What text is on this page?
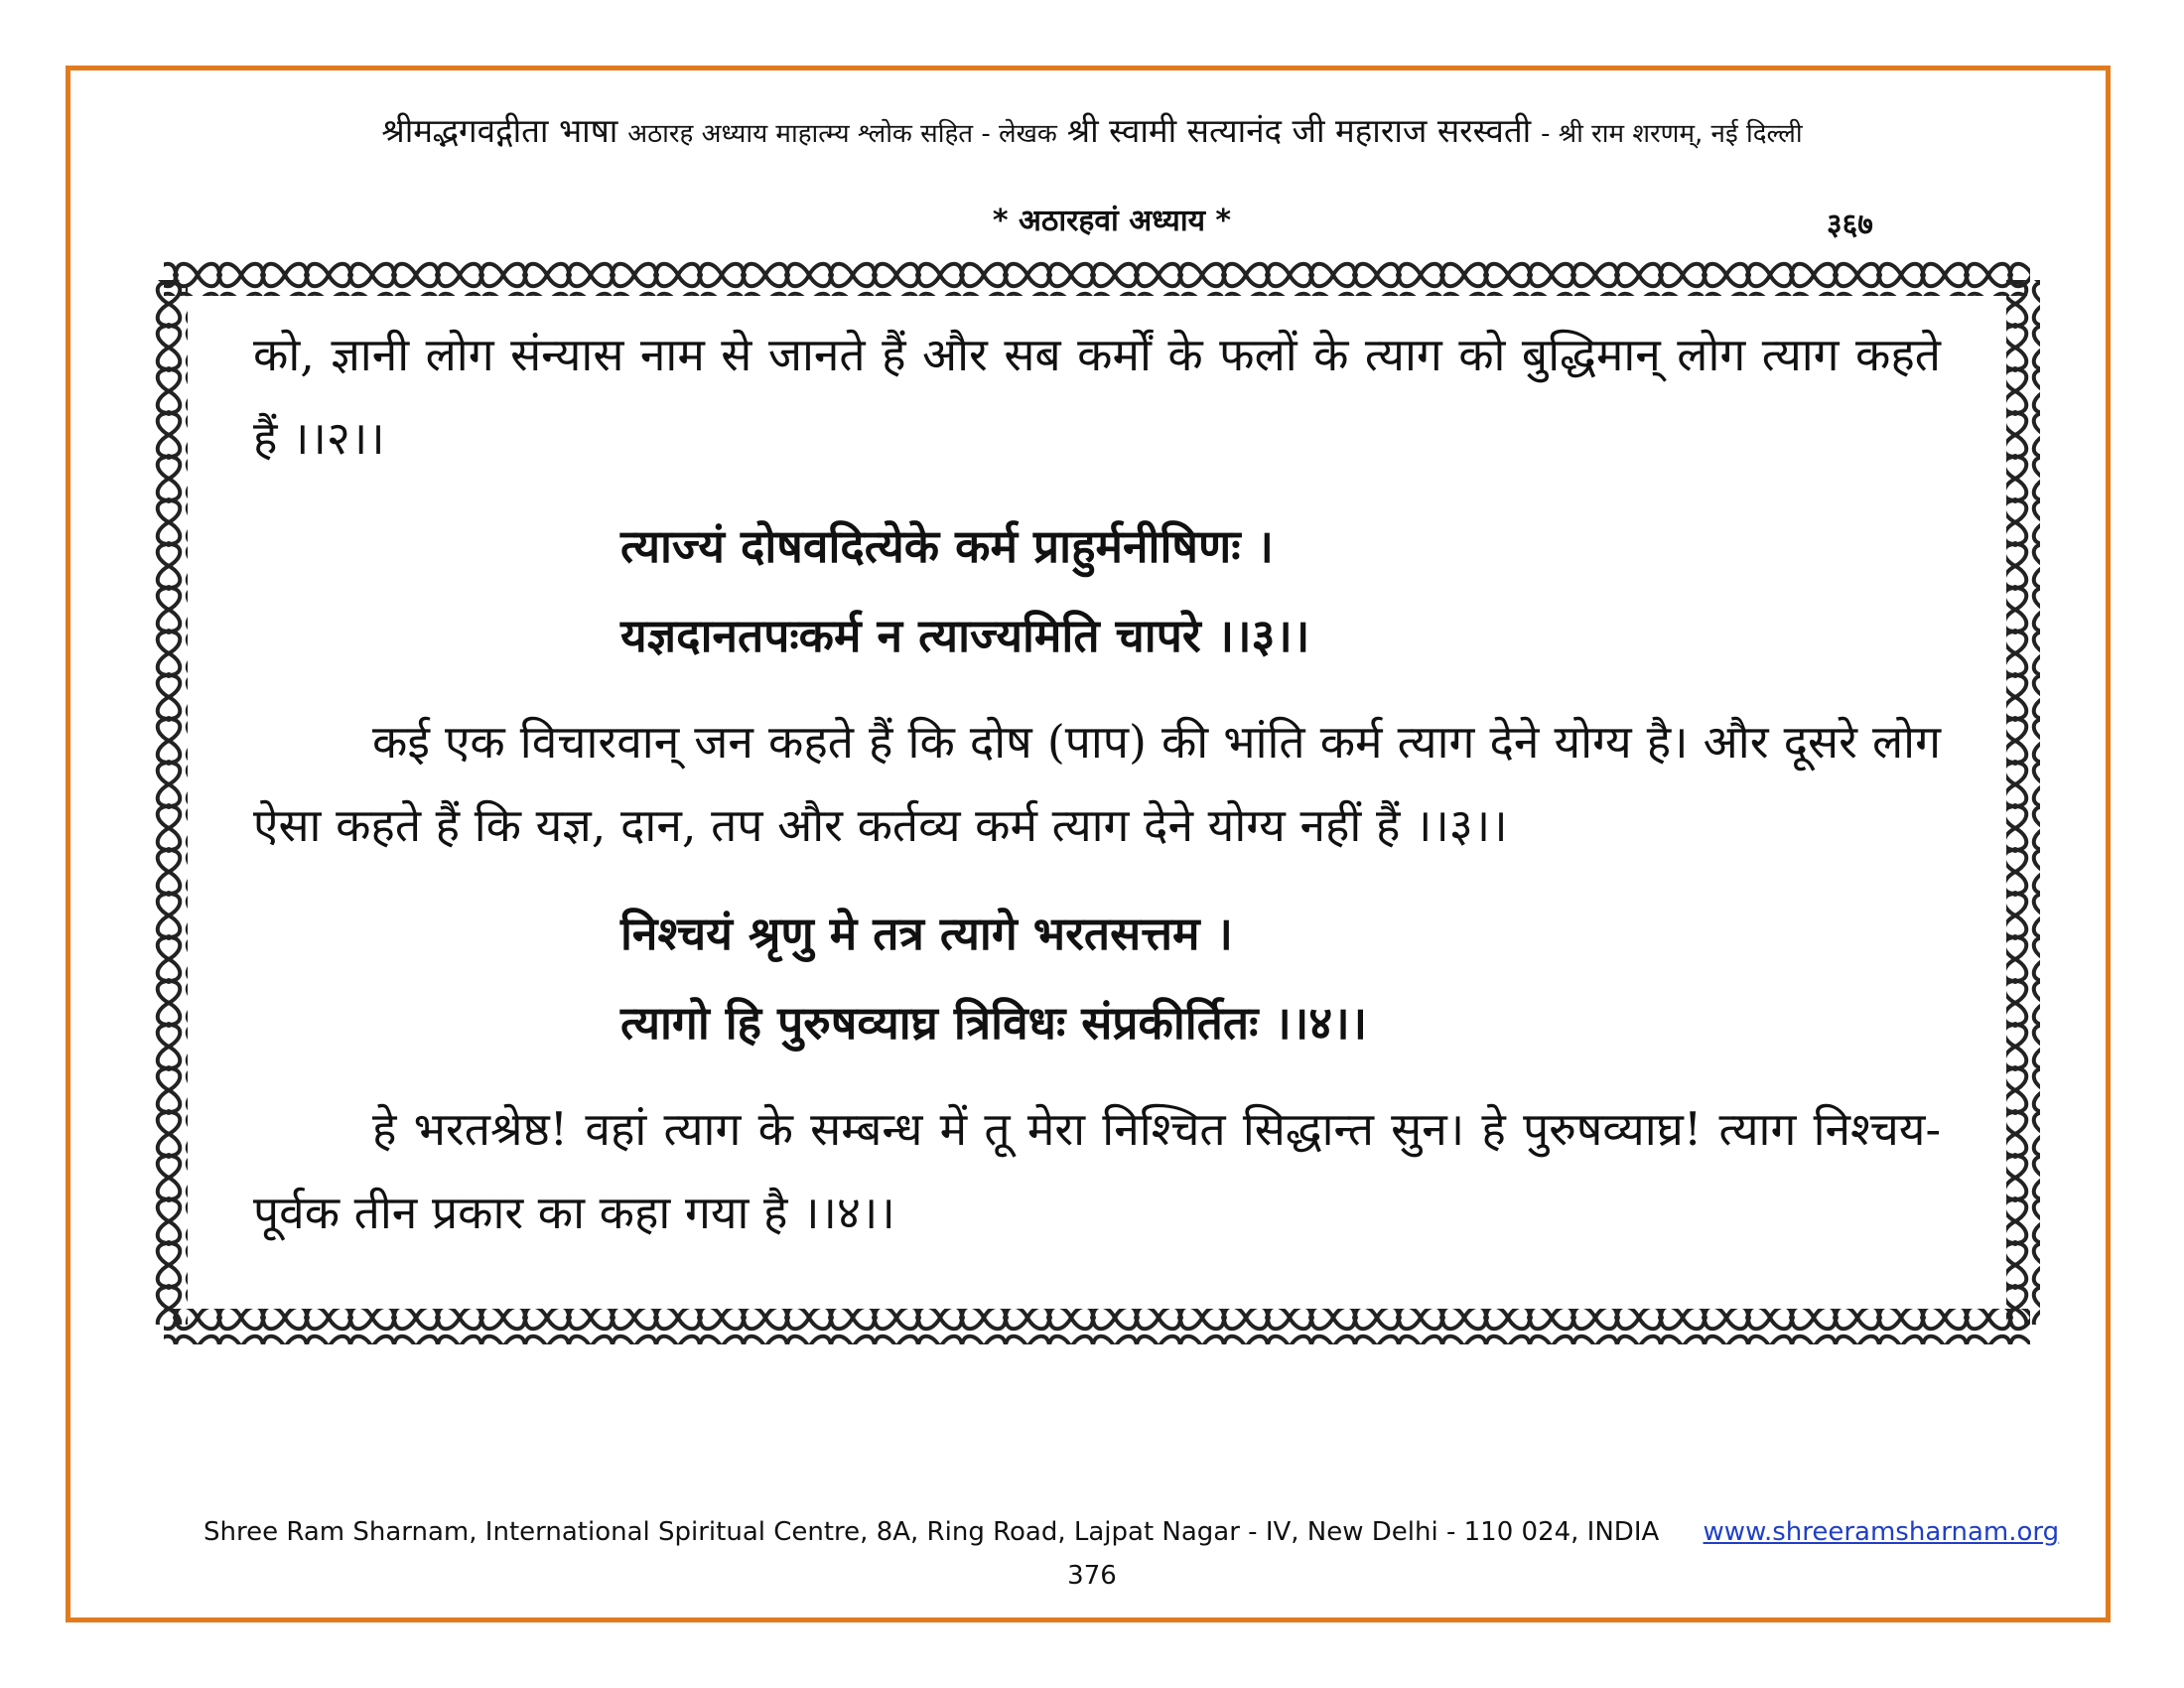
श्रीमद्भगवद्गीता भाषा अठारह अध्याय माहात्म्य श्लोक सहित - लेखक श्री स्वामी सत्यानंद जी महाराज सरस्वती - श्री राम शरणम्, नई दिल्ली
* अठारहवां अध्याय *	३६७

को, ज्ञानी लोग संन्यास नाम से जानते हैं और सब कर्मों के फलों के त्याग को बुद्धिमान् लोग त्याग कहते हैं ।।२।।

त्याज्यं दोषवदित्येके कर्म प्राहुर्मनीषिणः ।
यज्ञदानतपःकर्म न त्याज्यमिति चापरे ।।३।।

कई एक विचारवान् जन कहते हैं कि दोष (पाप) की भांति कर्म त्याग देने योग्य है। और दूसरे लोग ऐसा कहते हैं कि यज्ञ, दान, तप और कर्तव्य कर्म त्याग देने योग्य नहीं हैं ।।३।।

निश्चयं श्रृणु मे तत्र त्यागे भरतसत्तम ।
त्यागो हि पुरुषव्याघ्र त्रिविधः संप्रकीर्तितः ।।४।।

हे भरतश्रेष्ठ! वहां त्याग के सम्बन्ध में तू मेरा निश्चित सिद्धान्त सुन। हे पुरुषव्याघ्र! त्याग निश्चय-पूर्वक तीन प्रकार का कहा गया है ।।४।।

Shree Ram Sharnam, International Spiritual Centre, 8A, Ring Road, Lajpat Nagar - IV, New Delhi - 110 024, INDIA www.shreeramsharnam.org
376
